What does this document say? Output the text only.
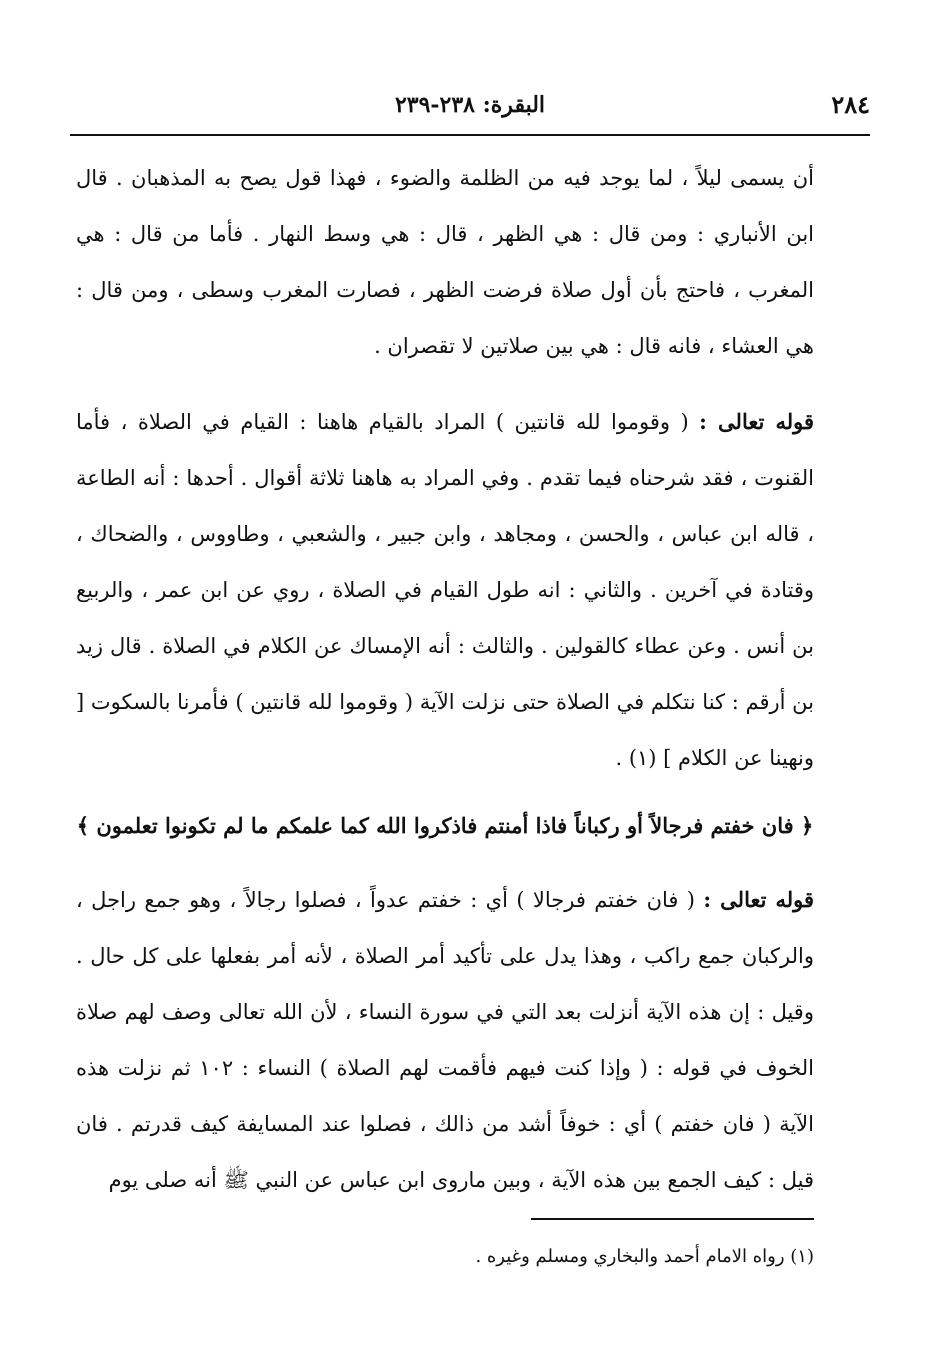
٢٨٤
البقرة: ٢٣٨-٢٣٩

أن يسمى ليلاً ، لما يوجد فيه من الظلمة والضوء ، فهذا قول يصح به المذهبان . قال ابن الأنباري : ومن قال : هي الظهر ، قال : هي وسط النهار . فأما من قال : هي المغرب ، فاحتج بأن أول صلاة فرضت الظهر ، فصارت المغرب وسطى ، ومن قال : هي العشاء ، فانه قال : هي بين صلاتين لا تقصران .

قوله تعالى : ( وقوموا لله قانتين ) المراد بالقيام هاهنا : القيام في الصلاة ، فأما القنوت ، فقد شرحناه فيما تقدم . وفي المراد به هاهنا ثلاثة أقوال . أحدها : أنه الطاعة ، قاله ابن عباس ، والحسن ، ومجاهد ، وابن جبير ، والشعبي ، وطاووس ، والضحاك ، وقتادة في آخرين . والثاني : انه طول القيام في الصلاة ، روي عن ابن عمر ، والربيع بن أنس . وعن عطاء كالقولين . والثالث : أنه الإمساك عن الكلام في الصلاة . قال زيد بن أرقم : كنا نتكلم في الصلاة حتى نزلت الآية ( وقوموا لله قانتين ) فأمرنا بالسكوت [ ونهينا عن الكلام ] (١) .

﴿ فان خفتم فرجالاً أو ركباناً فاذا أمنتم فاذكروا الله كما علمكم ما لم تكونوا تعلمون ﴾

قوله تعالى : ( فان خفتم فرجالا ) أي : خفتم عدواً ، فصلوا رجالاً ، وهو جمع راجل ، والركبان جمع راكب ، وهذا يدل على تأكيد أمر الصلاة ، لأنه أمر بفعلها على كل حال . وقيل : إن هذه الآية أنزلت بعد التي في سورة النساء ، لأن الله تعالى وصف لهم صلاة الخوف في قوله : ( وإذا كنت فيهم فأقمت لهم الصلاة ) النساء : ١٠٢ ثم نزلت هذه الآية ( فان خفتم ) أي : خوفاً أشد من ذالك ، فصلوا عند المسايفة كيف قدرتم . فان قيل : كيف الجمع بين هذه الآية ، وبين ماروى ابن عباس عن النبي ﷺ أنه صلى يوم

(١) رواه الامام أحمد والبخاري ومسلم وغيره .
